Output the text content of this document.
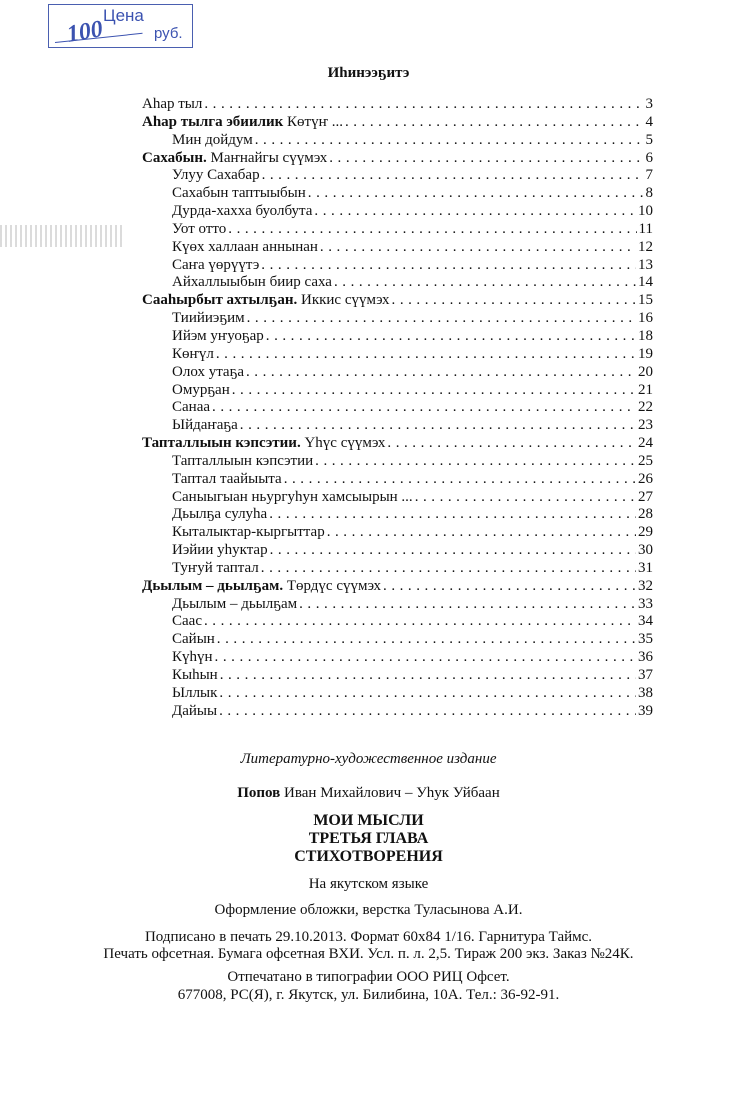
Цена
100	руб.
Иһинээҕитэ
Аһар тыл . . .	3
Аһар тылга эбиилик Көтүҥ ... . . .	4
Мин дойдум . . .	5
Сахабын. Маҥнайгы сүүмэх . . .	6
Улуу Сахабар . . .	7
Сахабын таптыыбын . . .	8
Дурда-хахха буолбута . . .	10
Уот отто . . .	11
Күөх халлаан аннынан . . .	12
Саҥа үөрүүтэ . . .	13
Айхаллыыбын биир саха . . .	14
Сааһырбыт ахтылҕан. Иккис сүүмэх . . .	15
Тиийиэҕим . . .	16
Ийэм уҥуоҕар . . .	18
Көҥүл . . .	19
Олох утаҕа . . .	20
Омурҕан . . .	21
Санаа . . .	22
Ыйдаҥаҕа . . .	23
Тапталлыын кэпсэтии. Үһүс сүүмэх . . .	24
Тапталлыын кэпсэтии . . .	25
Таптал таайыыта . . .	26
Саныыгыан ньургуһун хамсыырын ... . . .	27
Дьылҕа сулуһа . . .	28
Кыталыктар-кыргыттар . . .	29
Иэйии уһуктар . . .	30
Туҥуй таптал . . .	31
Дьылым – дьылҕам. Төрдүс сүүмэх . . .	32
Дьылым – дьылҕам . . .	33
Саас . . .	34
Сайын . . .	35
Күһүн . . .	36
Кыһын . . .	37
Ыллык . . .	38
Дайыы . . .	39
Литературно-художественное издание
Попов Иван Михайлович – Уһук Уйбаан
МОИ МЫСЛИ
ТРЕТЬЯ ГЛАВА
СТИХОТВОРЕНИЯ
На якутском языке
Оформление обложки, верстка Туласынова А.И.
Подписано в печать 29.10.2013. Формат 60х84 1/16. Гарнитура Таймс.
Печать офсетная. Бумага офсетная ВХИ. Усл. п. л. 2,5. Тираж 200 экз. Заказ №24К.
Отпечатано в типографии ООО РИЦ Офсет.
677008, РС(Я), г. Якутск, ул. Билибина, 10А. Тел.: 36-92-91.
